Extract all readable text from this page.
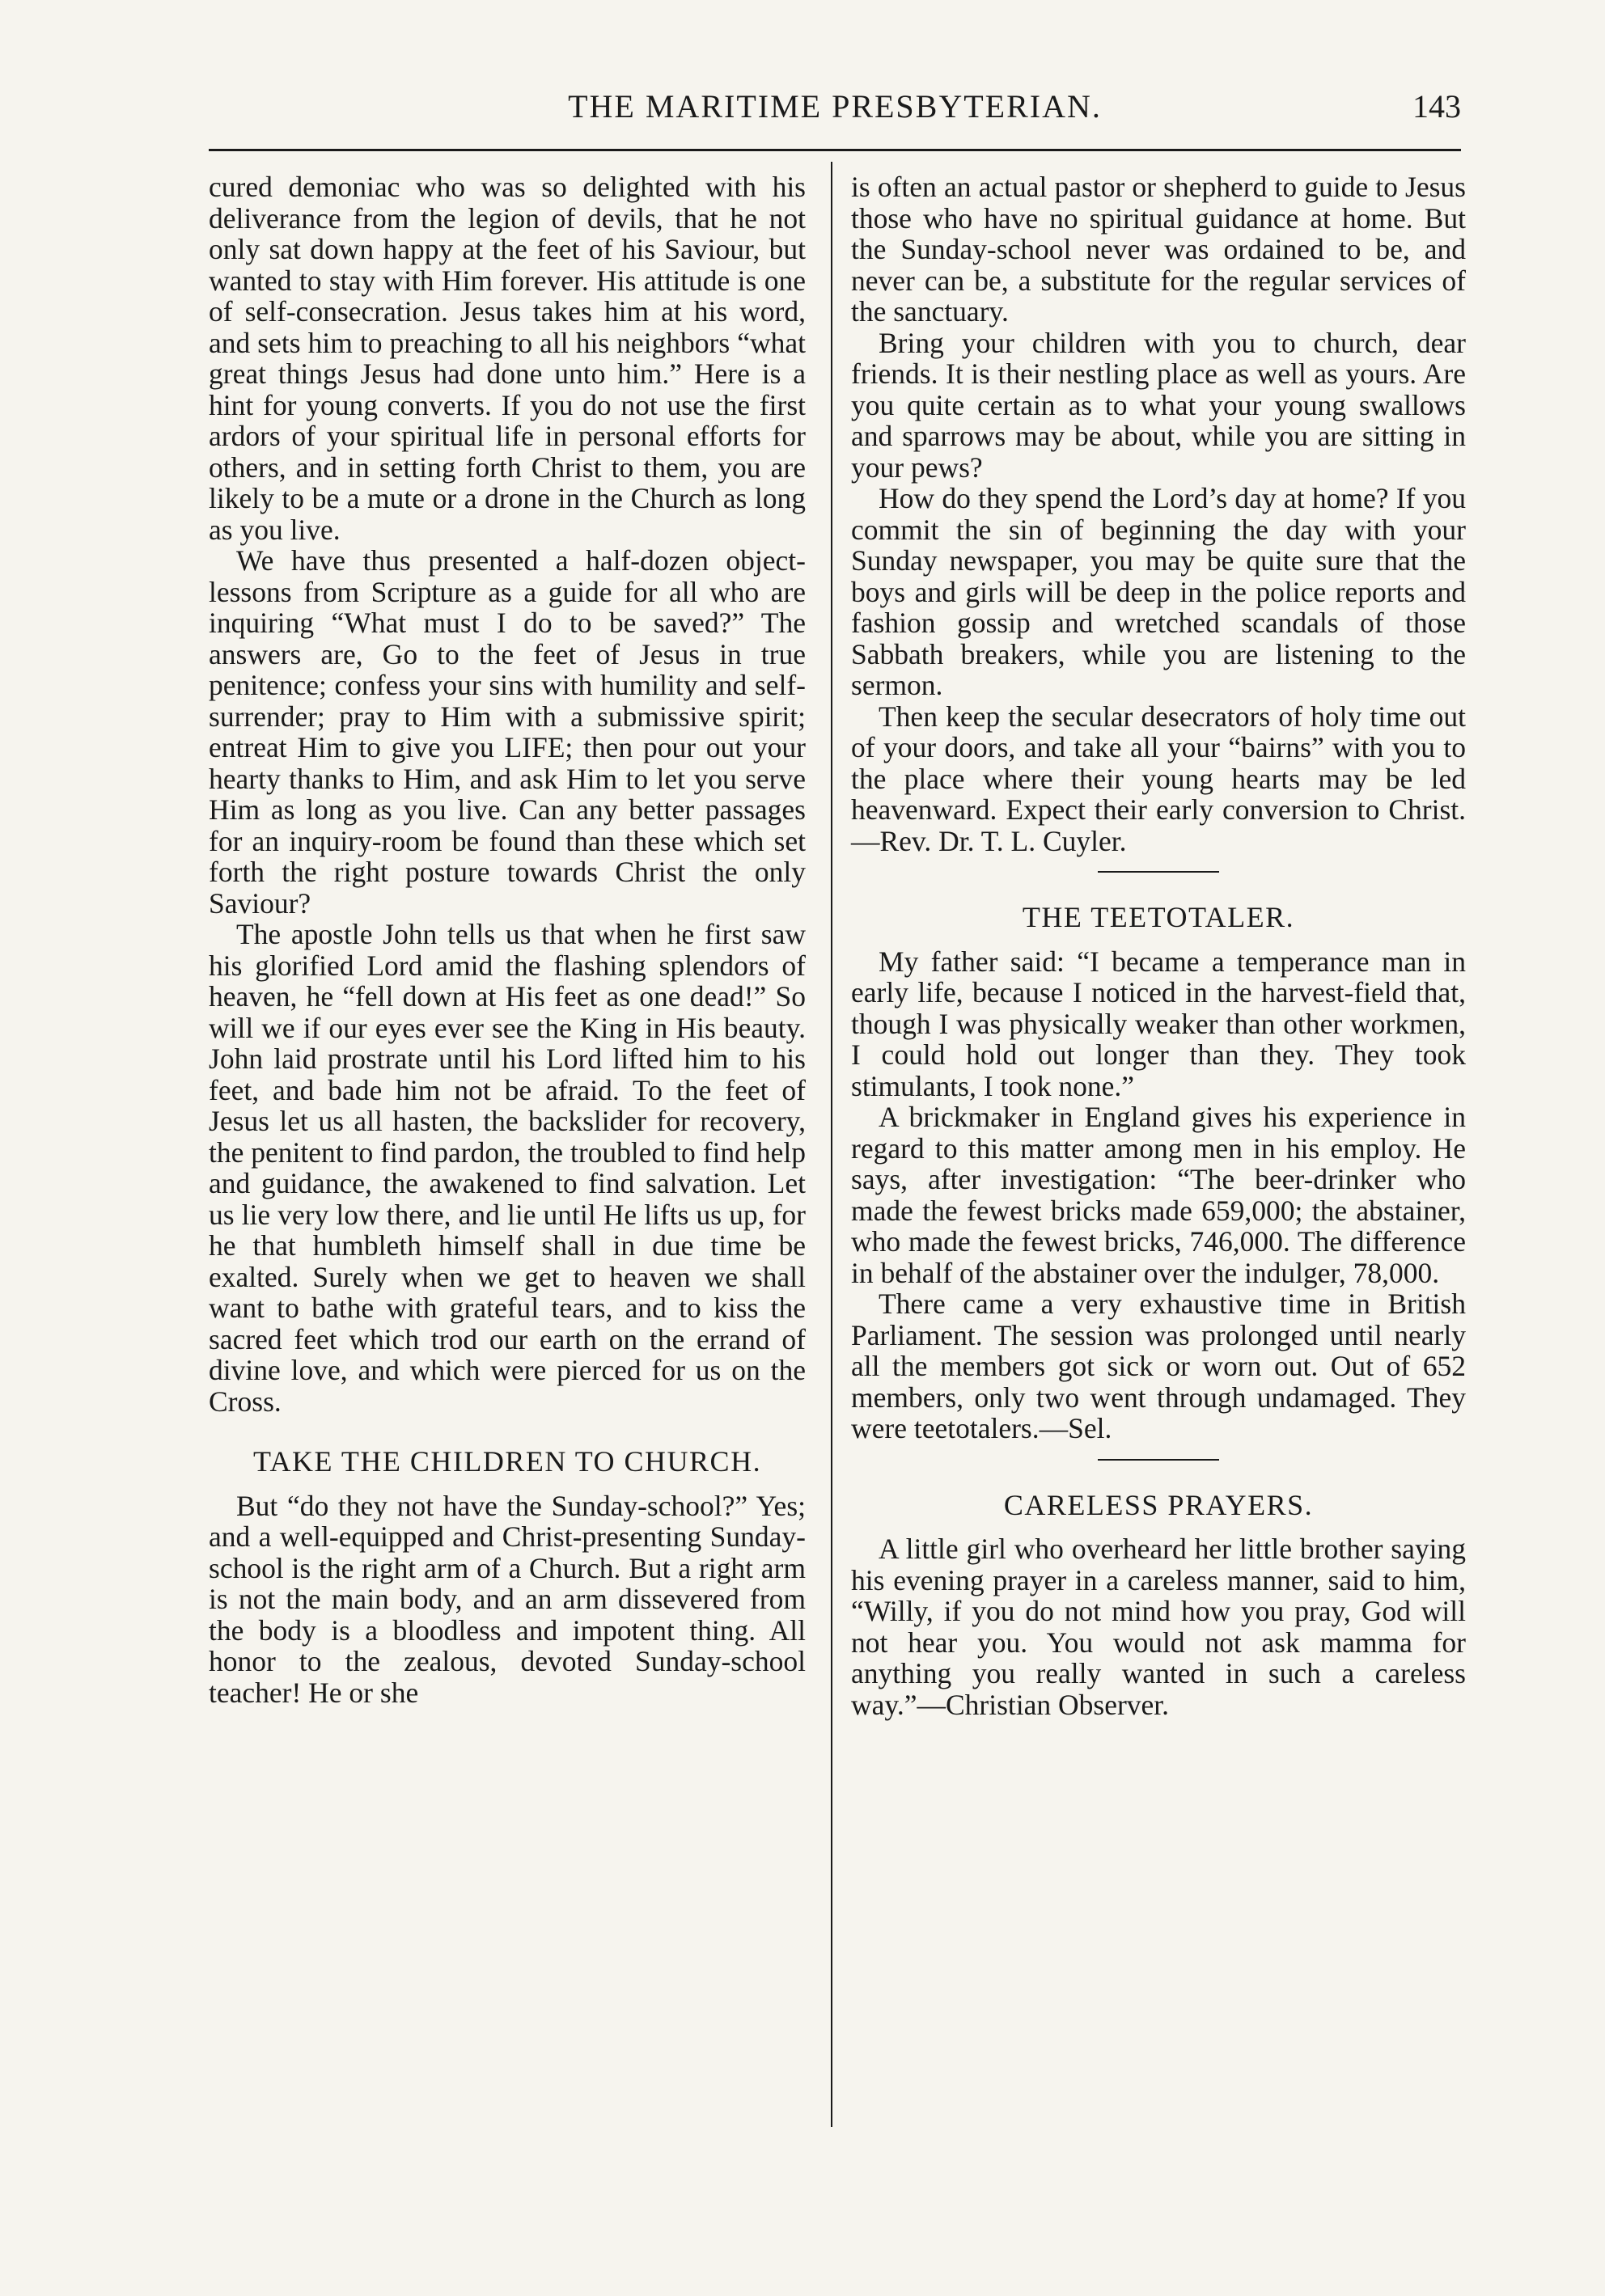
THE MARITIME PRESBYTERIAN.	143

cured demoniac who was so delighted with his deliverance from the legion of devils, that he not only sat down happy at the feet of his Saviour, but wanted to stay with Him forever. His attitude is one of self-consecration. Jesus takes him at his word, and sets him to preaching to all his neighbors “what great things Jesus had done unto him.” Here is a hint for young converts. If you do not use the first ardors of your spiritual life in personal efforts for others, and in setting forth Christ to them, you are likely to be a mute or a drone in the Church as long as you live.

We have thus presented a half-dozen object-lessons from Scripture as a guide for all who are inquiring “What must I do to be saved?” The answers are, Go to the feet of Jesus in true penitence; confess your sins with humility and self-surrender; pray to Him with a submissive spirit; entreat Him to give you LIFE; then pour out your hearty thanks to Him, and ask Him to let you serve Him as long as you live. Can any better passages for an inquiry-room be found than these which set forth the right posture towards Christ the only Saviour?

The apostle John tells us that when he first saw his glorified Lord amid the flashing splendors of heaven, he “fell down at His feet as one dead!” So will we if our eyes ever see the King in His beauty. John laid prostrate until his Lord lifted him to his feet, and bade him not be afraid. To the feet of Jesus let us all hasten, the backslider for recovery, the penitent to find pardon, the troubled to find help and guidance, the awakened to find salvation. Let us lie very low there, and lie until He lifts us up, for he that humbleth himself shall in due time be exalted. Surely when we get to heaven we shall want to bathe with grateful tears, and to kiss the sacred feet which trod our earth on the errand of divine love, and which were pierced for us on the Cross.

TAKE THE CHILDREN TO CHURCH.

But “do they not have the Sunday-school?” Yes; and a well-equipped and Christ-presenting Sunday-school is the right arm of a Church. But a right arm is not the main body, and an arm dissevered from the body is a bloodless and impotent thing. All honor to the zealous, devoted Sunday-school teacher! He or she

is often an actual pastor or shepherd to guide to Jesus those who have no spiritual guidance at home. But the Sunday-school never was ordained to be, and never can be, a substitute for the regular services of the sanctuary.

Bring your children with you to church, dear friends. It is their nestling place as well as yours. Are you quite certain as to what your young swallows and sparrows may be about, while you are sitting in your pews?

How do they spend the Lord’s day at home? If you commit the sin of beginning the day with your Sunday newspaper, you may be quite sure that the boys and girls will be deep in the police reports and fashion gossip and wretched scandals of those Sabbath breakers, while you are listening to the sermon.

Then keep the secular desecrators of holy time out of your doors, and take all your “bairns” with you to the place where their young hearts may be led heavenward. Expect their early conversion to Christ.—Rev. Dr. T. L. Cuyler.

THE TEETOTALER.

My father said: “I became a temperance man in early life, because I noticed in the harvest-field that, though I was physically weaker than other workmen, I could hold out longer than they. They took stimulants, I took none.”

A brickmaker in England gives his experience in regard to this matter among men in his employ. He says, after investigation: “The beer-drinker who made the fewest bricks made 659,000; the abstainer, who made the fewest bricks, 746,000. The difference in behalf of the abstainer over the indulger, 78,000.

There came a very exhaustive time in British Parliament. The session was prolonged until nearly all the members got sick or worn out. Out of 652 members, only two went through undamaged. They were teetotalers.—Sel.

CARELESS PRAYERS.

A little girl who overheard her little brother saying his evening prayer in a careless manner, said to him, “Willy, if you do not mind how you pray, God will not hear you. You would not ask mamma for anything you really wanted in such a careless way.”—Christian Observer.
